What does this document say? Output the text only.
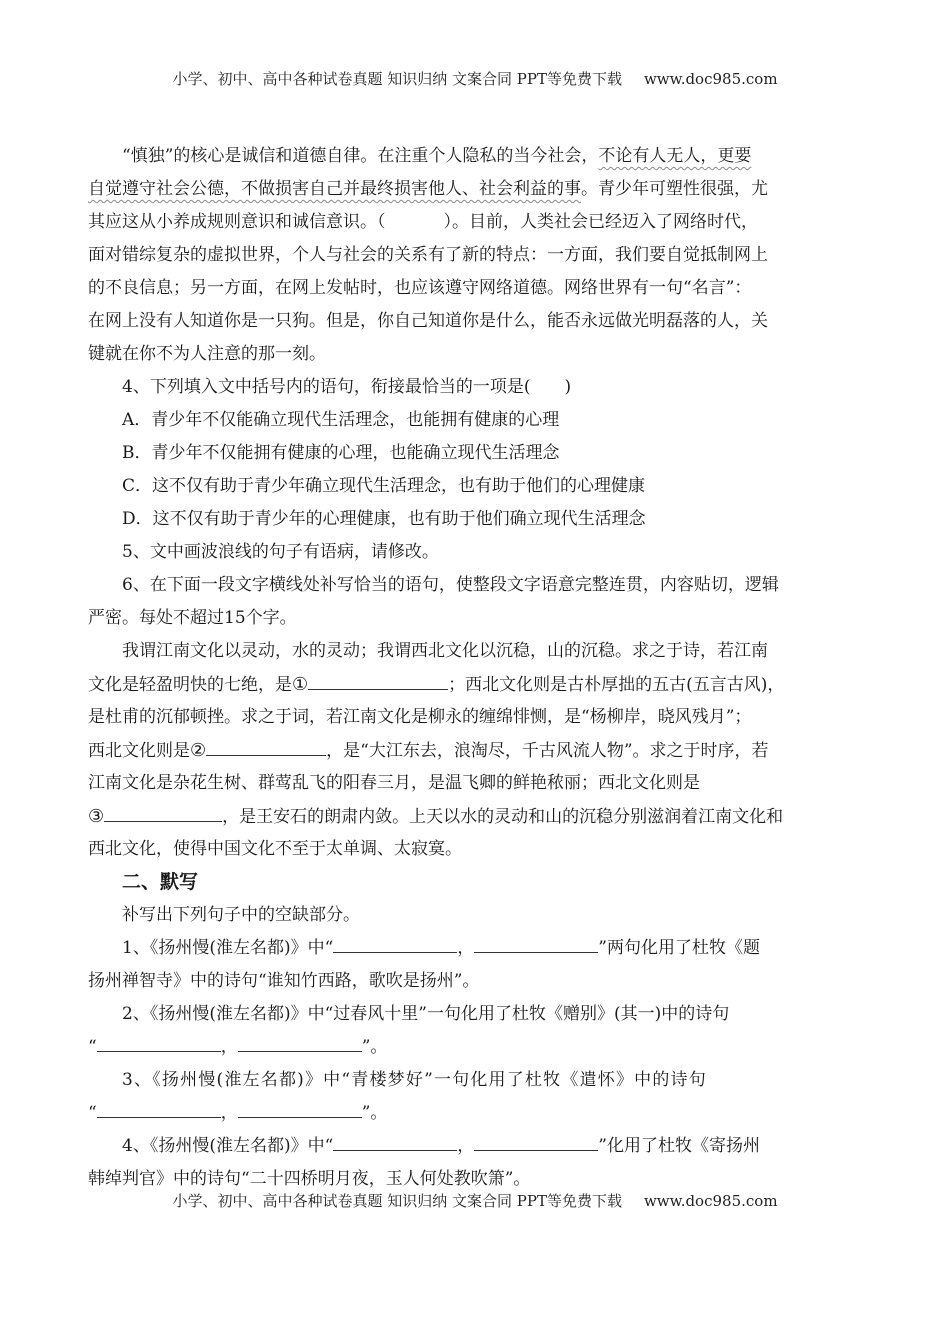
小学、初中、高中各种试卷真题 知识归纳 文案合同 PPT等免费下载 www.doc985.com
“慎独”的核心是诚信和道德自律。在注重个人隐私的当今社会，不论有人无人，更要
自觉遵守社会公德，不做损害自己并最终损害他人、社会利益的事。青少年可塑性很强，尤
其应这从小养成规则意识和诚信意识。（	）。目前，人类社会已经迈入了网络时代，
面对错综复杂的虚拟世界，个人与社会的关系有了新的特点：一方面，我们要自觉抵制网上
的不良信息；另一方面，在网上发帖时，也应该遵守网络道德。网络世界有一句“名言”：
在网上没有人知道你是一只狗。但是，你自己知道你是什么，能否永远做光明磊落的人，关
键就在你不为人注意的那一刻。
4、下列填入文中括号内的语句，衔接最恰当的一项是(　　)
A．青少年不仅能确立现代生活理念，也能拥有健康的心理
B．青少年不仅能拥有健康的心理，也能确立现代生活理念
C．这不仅有助于青少年确立现代生活理念，也有助于他们的心理健康
D．这不仅有助于青少年的心理健康，也有助于他们确立现代生活理念
5、文中画波浪线的句子有语病，请修改。
6、在下面一段文字横线处补写恰当的语句，使整段文字语意完整连贯，内容贴切，逻辑
严密。每处不超过15个字。
我谓江南文化以灵动，水的灵动；我谓西北文化以沉稳，山的沉稳。求之于诗，若江南
文化是轻盈明快的七绝，是①	；西北文化则是古朴厚拙的五古(五言古风)，
是杜甫的沉郁顿挫。求之于词，若江南文化是柳永的缠绵悱恻，是“杨柳岸，晓风残月”；
西北文化则是②	，是“大江东去，浪淘尽，千古风流人物”。求之于时序，若
江南文化是杂花生树、群莺乱飞的阳春三月，是温飞卿的鲜艳秾丽；西北文化则是
③	，是王安石的朗肃内敛。上天以水的灵动和山的沉稳分别滋润着江南文化和
西北文化，使得中国文化不至于太单调、太寂寞。
二、默写
补写出下列句子中的空缺部分。
1、《扬州慢(淮左名都)》中“	，	”两句化用了杜牧《题
扬州禅智寺》中的诗句“谁知竹西路，歌吹是扬州”。
2、《扬州慢(淮左名都)》中“过春风十里”一句化用了杜牧《赠别》(其一)中的诗句
“	，	”。
3、《扬州慢(淮左名都)》中“青楼梦好”一句化用了杜牧《遣怀》中的诗句
“	，	”。
4、《扬州慢(淮左名都)》中“	，	”化用了杜牧《寄扬州
韩绰判官》中的诗句“二十四桥明月夜，玉人何处教吹箫”。
小学、初中、高中各种试卷真题 知识归纳 文案合同 PPT等免费下载 www.doc985.com
